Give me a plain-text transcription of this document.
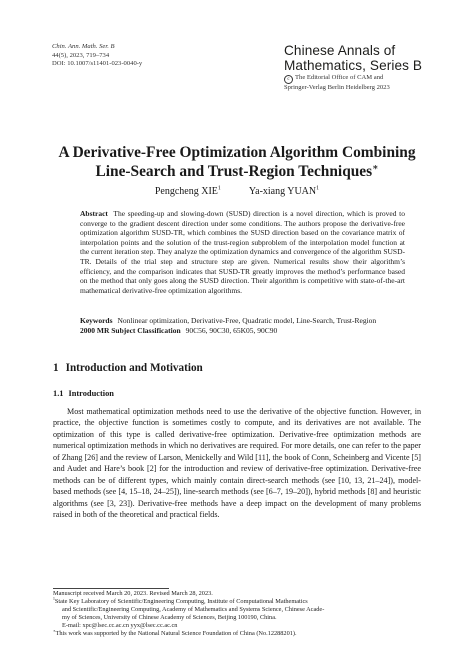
Chin. Ann. Math. Ser. B
44(5), 2023, 719–734
DOI: 10.1007/s11401-023-0040-y
Chinese Annals of
Mathematics, Series B
c The Editorial Office of CAM and
Springer-Verlag Berlin Heidelberg 2023
A Derivative-Free Optimization Algorithm Combining
Line-Search and Trust-Region Techniques∗
Pengcheng XIE$^1$	Ya-xiang YUAN$^1$
Abstract The speeding-up and slowing-down (SUSD) direction is a novel direction, which is proved to converge to the gradient descent direction under some conditions. The authors propose the derivative-free optimization algorithm SUSD-TR, which combines the SUSD direction based on the covariance matrix of interpolation points and the solution of the trust-region subproblem of the interpolation model function at the current iteration step. They analyze the optimization dynamics and convergence of the algorithm SUSD-TR. Details of the trial step and structure step are given. Numerical results show their algorithm’s efficiency, and the comparison indicates that SUSD-TR greatly improves the method’s performance based on the method that only goes along the SUSD direction. Their algorithm is competitive with state-of-the-art mathematical derivative-free optimization algorithms.
Keywords Nonlinear optimization, Derivative-Free, Quadratic model, Line-Search, Trust-Region
2000 MR Subject Classification 90C56, 90C30, 65K05, 90C90
1 Introduction and Motivation
1.1 Introduction
Most mathematical optimization methods need to use the derivative of the objective function. However, in practice, the objective function is sometimes costly to compute, and its derivatives are not available. The optimization of this type is called derivative-free optimization. Derivative-free optimization methods are numerical optimization methods in which no derivatives are required. For more details, one can refer to the paper of Zhang [26] and the review of Larson, Menickelly and Wild [11], the book of Conn, Scheinberg and Vicente [5] and Audet and Hare’s book [2] for the introduction and review of derivative-free optimization. Derivative-free methods can be of different types, which mainly contain direct-search methods (see [10, 13, 21–24]), model-based methods (see [4, 15–18, 24–25]), line-search methods (see [6–7, 19–20]), hybrid methods [8] and heuristic algorithms (see [3, 23]). Derivative-free methods have a deep impact on the development of many problems raised in both of the theoretical and practical fields.
Manuscript received March 20, 2023. Revised March 28, 2023.
$^1$State Key Laboratory of Scientific/Engineering Computing, Institute of Computational Mathematics
and Scientific/Engineering Computing, Academy of Mathematics and Systems Science, Chinese Acade-
my of Sciences, University of Chinese Academy of Sciences, Beijing 100190, China.
E-mail: xpc@lsec.cc.ac.cn yyx@lsec.cc.ac.cn
∗This work was supported by the National Natural Science Foundation of China (No.12288201).
